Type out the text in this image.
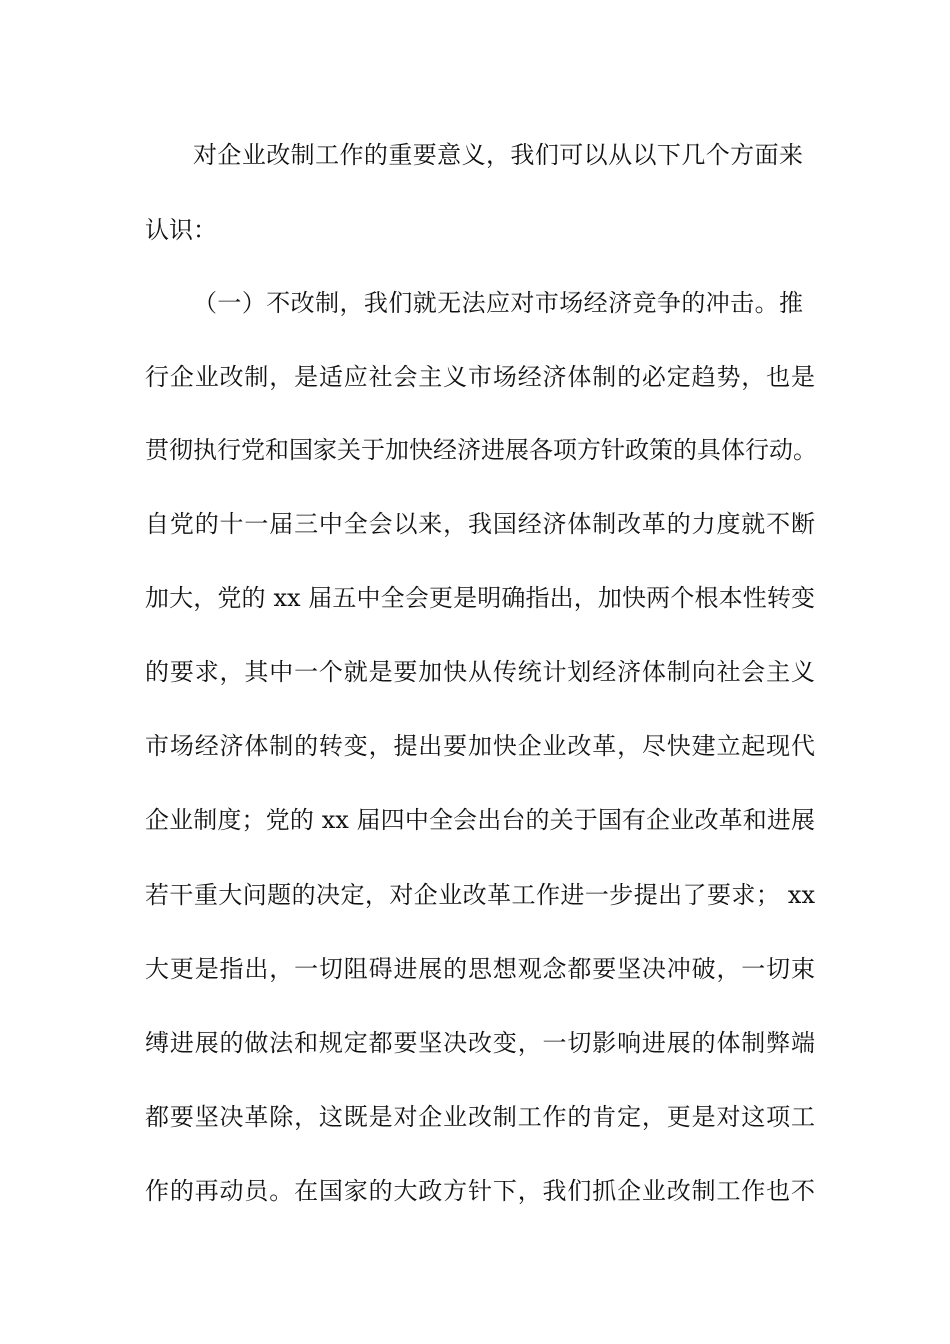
对企业改制工作的重要意义，我们可以从以下几个方面来
认识：
（一）不改制，我们就无法应对市场经济竞争的冲击。推
行企业改制，是适应社会主义市场经济体制的必定趋势，也是
贯彻执行党和国家关于加快经济进展各项方针政策的具体行动。
自党的十一届三中全会以来，我国经济体制改革的力度就不断
加大，党的 xx 届五中全会更是明确指出，加快两个根本性转变
的要求，其中一个就是要加快从传统计划经济体制向社会主义
市场经济体制的转变，提出要加快企业改革，尽快建立起现代
企业制度；党的 xx 届四中全会出台的关于国有企业改革和进展
若干重大问题的决定，对企业改革工作进一步提出了要求； xx
大更是指出，一切阻碍进展的思想观念都要坚决冲破，一切束
缚进展的做法和规定都要坚决改变，一切影响进展的体制弊端
都要坚决革除，这既是对企业改制工作的肯定，更是对这项工
作的再动员。在国家的大政方针下，我们抓企业改制工作也不
